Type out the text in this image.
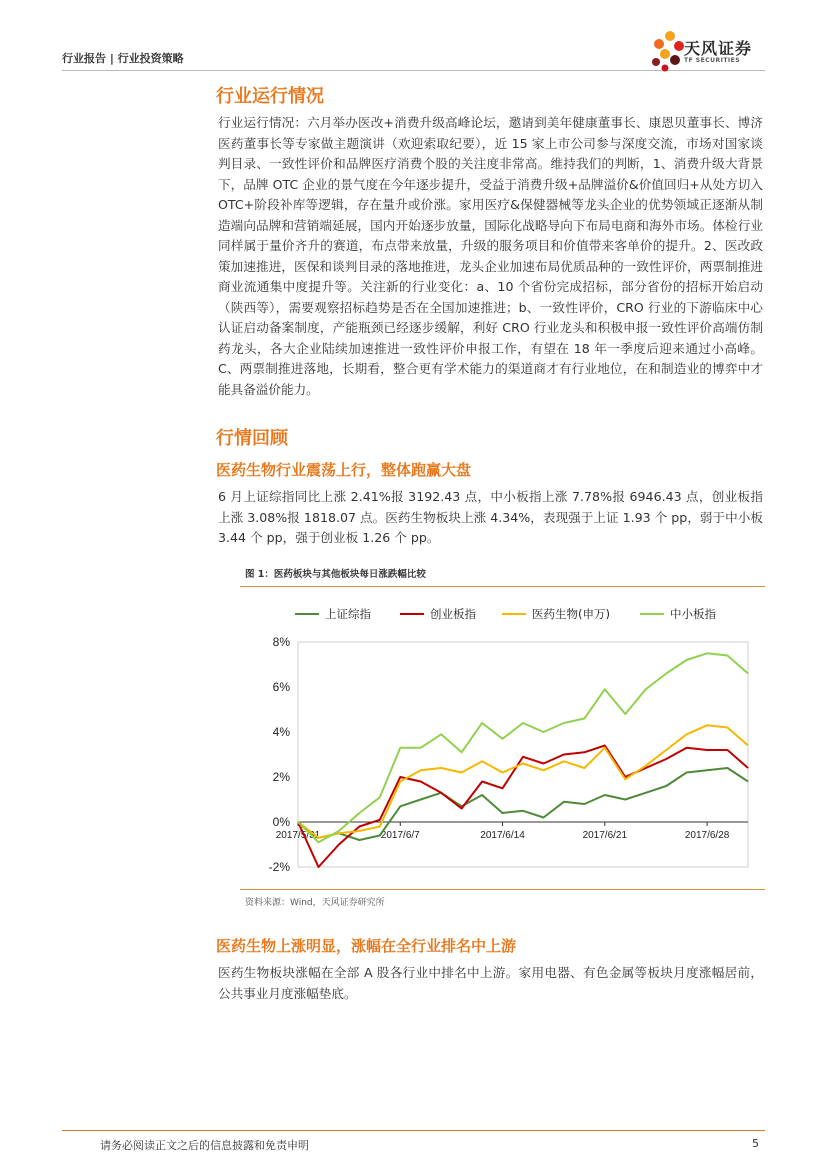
行业报告 | 行业投资策略
天风证券
TF SECURITIES
行业运行情况
行业运行情况：六月举办医改+消费升级高峰论坛，邀请到美年健康董事长、康恩贝董事长、博济医药董事长等专家做主题演讲（欢迎索取纪要），近 15 家上市公司参与深度交流，市场对国家谈判目录、一致性评价和品牌医疗消费个股的关注度非常高。维持我们的判断，1、消费升级大背景下，品牌 OTC 企业的景气度在今年逐步提升，受益于消费升级+品牌溢价&价值回归+从处方切入 OTC+阶段补库等逻辑，存在量升或价涨。家用医疗&保健器械等龙头企业的优势领域正逐渐从制造端向品牌和营销端延展，国内开始逐步放量，国际化战略导向下布局电商和海外市场。体检行业同样属于量价齐升的赛道，布点带来放量，升级的服务项目和价值带来客单价的提升。2、医改政策加速推进，医保和谈判目录的落地推进，龙头企业加速布局优质品种的一致性评价，两票制推进商业流通集中度提升等。关注新的行业变化：a、10 个省份完成招标，部分省份的招标开始启动（陕西等），需要观察招标趋势是否在全国加速推进；b、一致性评价，CRO 行业的下游临床中心认证启动备案制度，产能瓶颈已经逐步缓解，利好 CRO 行业龙头和积极申报一致性评价高端仿制药龙头，各大企业陆续加速推进一致性评价申报工作，有望在 18 年一季度后迎来通过小高峰。C、两票制推进落地，长期看，整合更有学术能力的渠道商才有行业地位，在和制造业的博弈中才能具备溢价能力。
行情回顾
医药生物行业震荡上行，整体跑赢大盘
6 月上证综指同比上涨 2.41%报 3192.43 点，中小板指上涨 7.78%报 6946.43 点，创业板指上涨 3.08%报 1818.07 点。医药生物板块上涨 4.34%，表现强于上证 1.93 个 pp，弱于中小板 3.44 个 pp，强于创业板 1.26 个 pp。
图 1：医药板块与其他板块每日涨跌幅比较
-2%
0%
2%
4%
6%
8%
2017/5/31	2017/6/7	2017/6/14	2017/6/21	2017/6/28
上证综指	创业板指	医药生物(申万)	中小板指
资料来源：Wind，天风证券研究所
医药生物上涨明显，涨幅在全行业排名中上游
医药生物板块涨幅在全部 A 股各行业中排名中上游。家用电器、有色金属等板块月度涨幅居前，公共事业月度涨幅垫底。
请务必阅读正文之后的信息披露和免责申明	5
